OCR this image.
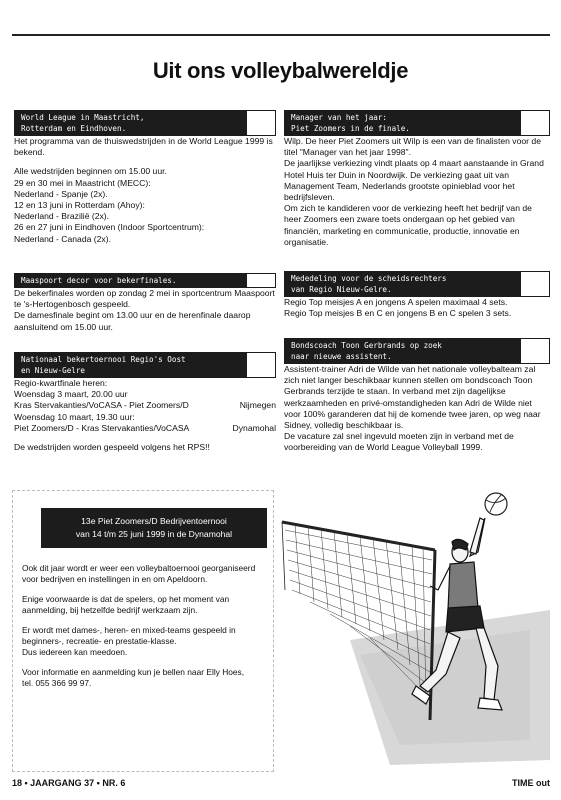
Uit ons volleybalwereldje
World League in Maastricht,
Rotterdam en Eindhoven.

Het programma van de thuiswedstrijden in de World League 1999 is bekend.

Alle wedstrijden beginnen om 15.00 uur.

29 en 30 mei in Maastricht (MECC):

Nederland - Spanje (2x).

12 en 13 juni in Rotterdam (Ahoy):

Nederland - Brazilië (2x).

26 en 27 juni in Eindhoven (Indoor Sportcentrum):

Nederland - Canada (2x).

Maaspoort decor voor bekerfinales.

De bekerfinales worden op zondag 2 mei in sportcentrum Maaspoort te 's-Hertogenbosch gespeeld.

De damesfinale begint om 13.00 uur en de herenfinale daarop aansluitend om 15.00 uur.

Nationaal bekertoernooi Regio's Oost
en Nieuw-Gelre

Regio-kwartfinale heren:

Woensdag 3 maart, 20.00 uur

Kras Stervakanties/VoCASA - Piet Zoomers/D	Nijmegen

Woensdag 10 maart, 19.30 uur:

Piet Zoomers/D - Kras Stervakanties/VoCASA	Dynamohal

De wedstrijden worden gespeeld volgens het RPS!!

Manager van het jaar:
Piet Zoomers in de finale.

Wilp. De heer Piet Zoomers uit Wilp is een van de finalisten voor de titel "Manager van het jaar 1998".

De jaarlijkse verkiezing vindt plaats op 4 maart aanstaande in Grand Hotel Huis ter Duin in Noordwijk. De verkiezing gaat uit van Management Team, Nederlands grootste opinieblad voor het bedrijfsleven.

Om zich te kandideren voor de verkiezing heeft het bedrijf van de heer Zoomers een zware toets ondergaan op het gebied van financiën, marketing en communicatie, productie, innovatie en organisatie.

Mededeling voor de scheidsrechters
van Regio Nieuw-Gelre.

Regio Top meisjes A en jongens A spelen maximaal 4 sets.

Regio Top meisjes B en C en jongens B en C spelen 3 sets.

Bondscoach Toon Gerbrands op zoek
naar nieuwe assistent.

Assistent-trainer Adri de Wilde van het nationale volleybalteam zal zich niet langer beschikbaar kunnen stellen om bondscoach Toon Gerbrands terzijde te staan. In verband met zijn dagelijkse werkzaamheden en privé-omstandigheden kan Adri de Wilde niet voor 100% garanderen dat hij de komende twee jaren, op weg naar Sidney, volledig beschikbaar is.

De vacature zal snel ingevuld moeten zijn in verband met de voorbereiding van de World League Volleyball 1999.

13e Piet Zoomers/D Bedrijventoernooi
van 14 t/m 25 juni 1999 in de Dynamohal

Ook dit jaar wordt er weer een volleybaltoernooi georganiseerd voor bedrijven en instellingen in en om Apeldoorn.

Enige voorwaarde is dat de spelers, op het moment van aanmelding, bij hetzelfde bedrijf werkzaam zijn.

Er wordt met dames-, heren- en mixed-teams gespeeld in beginners-, recreatie- en prestatie-klasse.

Dus iedereen kan meedoen.

Voor informatie en aanmelding kun je bellen naar Elly Hoes,

tel. 055 366 99 97.

18 • JAARGANG 37 • NR. 6	TIME out
